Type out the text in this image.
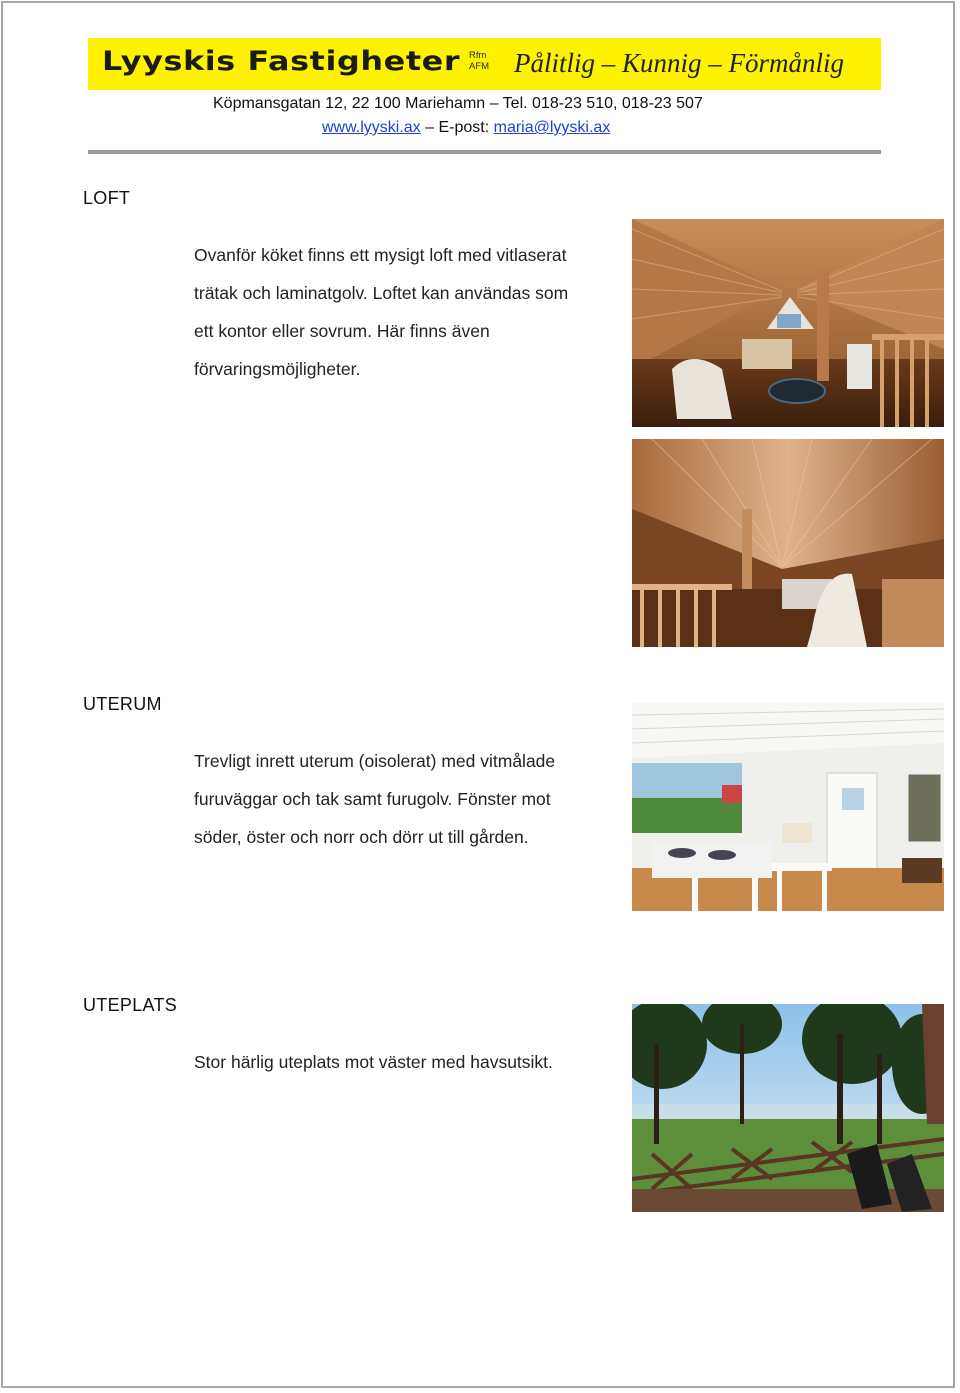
Lyyskis Fastigheter Rfm
AFM Pålitlig – Kunnig – Förmånlig
Köpmansgatan 12, 22 100 Mariehamn – Tel. 018-23 510, 018-23 507
www.lyyski.ax – E-post: maria@lyyski.ax
LOFT
Ovanför köket finns ett mysigt loft med vitlaserat
trätak och laminatgolv. Loftet kan användas som
ett kontor eller sovrum. Här finns även
förvaringsmöjligheter.
UTERUM
Trevligt inrett uterum (oisolerat) med vitmålade
furuväggar och tak samt furugolv. Fönster mot
söder, öster och norr och dörr ut till gården.
UTEPLATS
Stor härlig uteplats mot väster med havsutsikt.
